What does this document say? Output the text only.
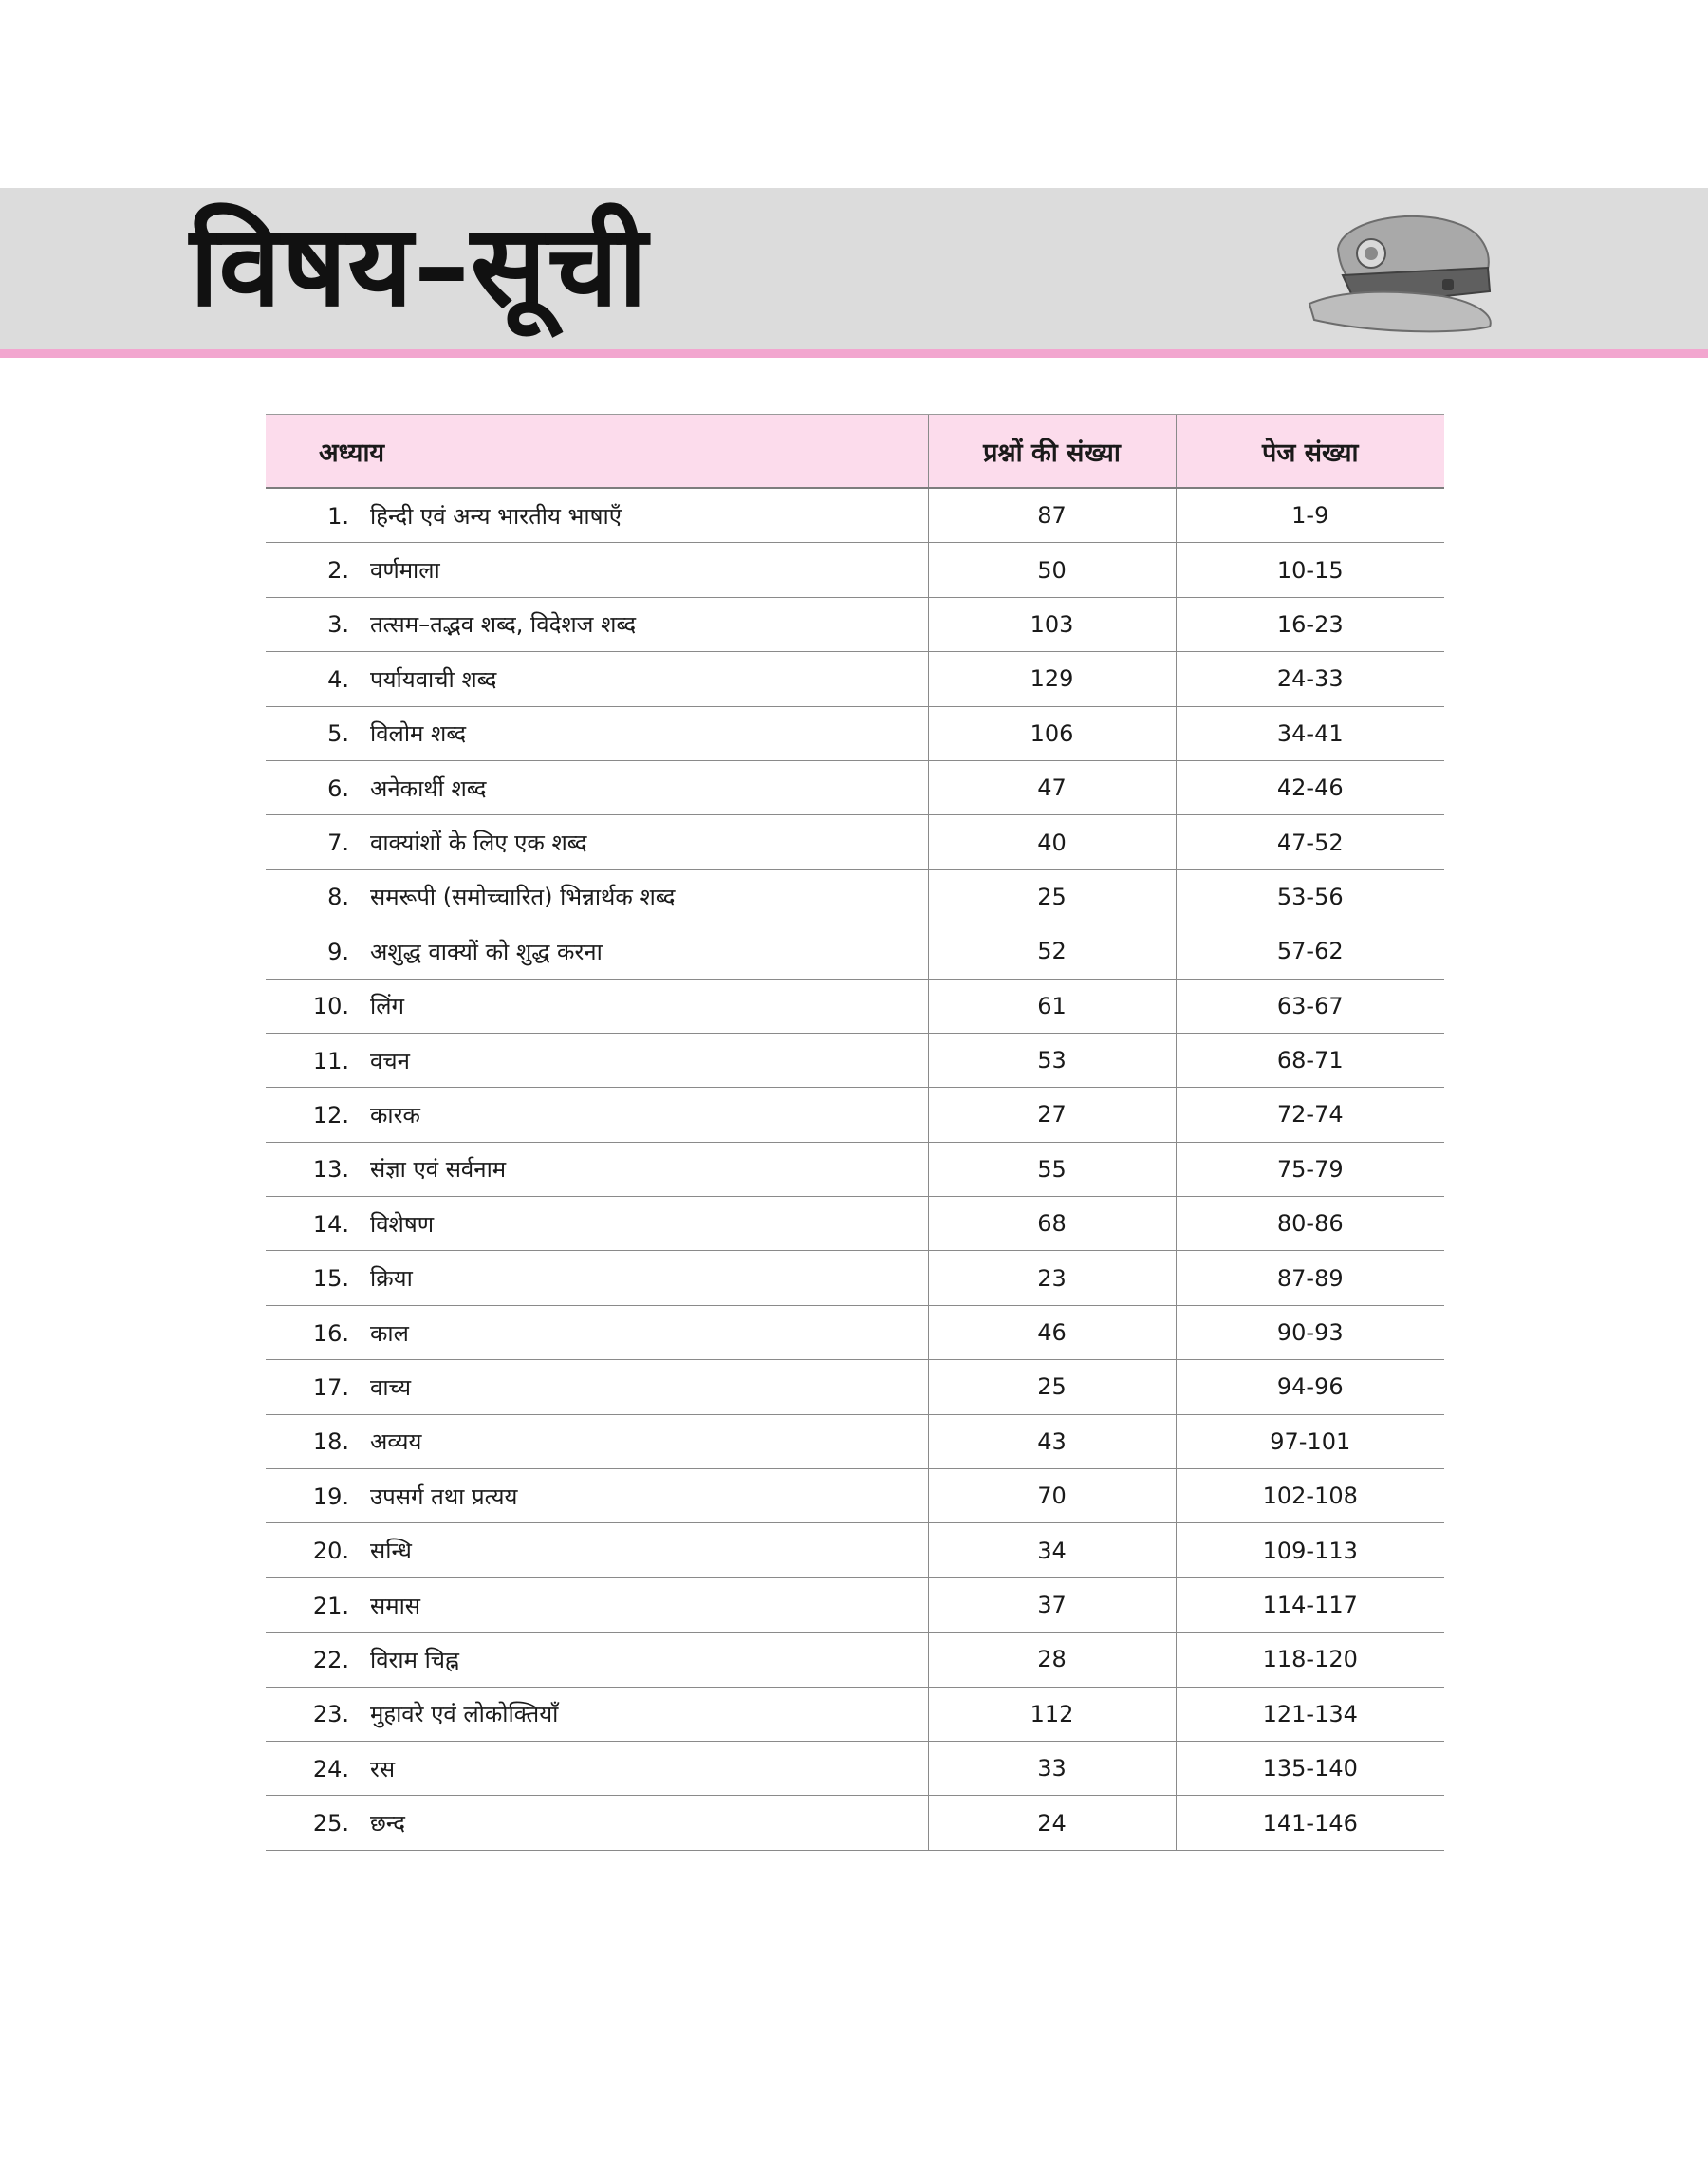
विषय–सूची
अध्याय	प्रश्नों की संख्या	पेज संख्या
1. हिन्दी एवं अन्य भारतीय भाषाएँ	87	1-9
2. वर्णमाला	50	10-15
3. तत्सम–तद्भव शब्द, विदेशज शब्द	103	16-23
4. पर्यायवाची शब्द	129	24-33
5. विलोम शब्द	106	34-41
6. अनेकार्थी शब्द	47	42-46
7. वाक्यांशों के लिए एक शब्द	40	47-52
8. समरूपी (समोच्चारित) भिन्नार्थक शब्द	25	53-56
9. अशुद्ध वाक्यों को शुद्ध करना	52	57-62
10. लिंग	61	63-67
11. वचन	53	68-71
12. कारक	27	72-74
13. संज्ञा एवं सर्वनाम	55	75-79
14. विशेषण	68	80-86
15. क्रिया	23	87-89
16. काल	46	90-93
17. वाच्य	25	94-96
18. अव्यय	43	97-101
19. उपसर्ग तथा प्रत्यय	70	102-108
20. सन्धि	34	109-113
21. समास	37	114-117
22. विराम चिह्न	28	118-120
23. मुहावरे एवं लोकोक्तियाँ	112	121-134
24. रस	33	135-140
25. छन्द	24	141-146
